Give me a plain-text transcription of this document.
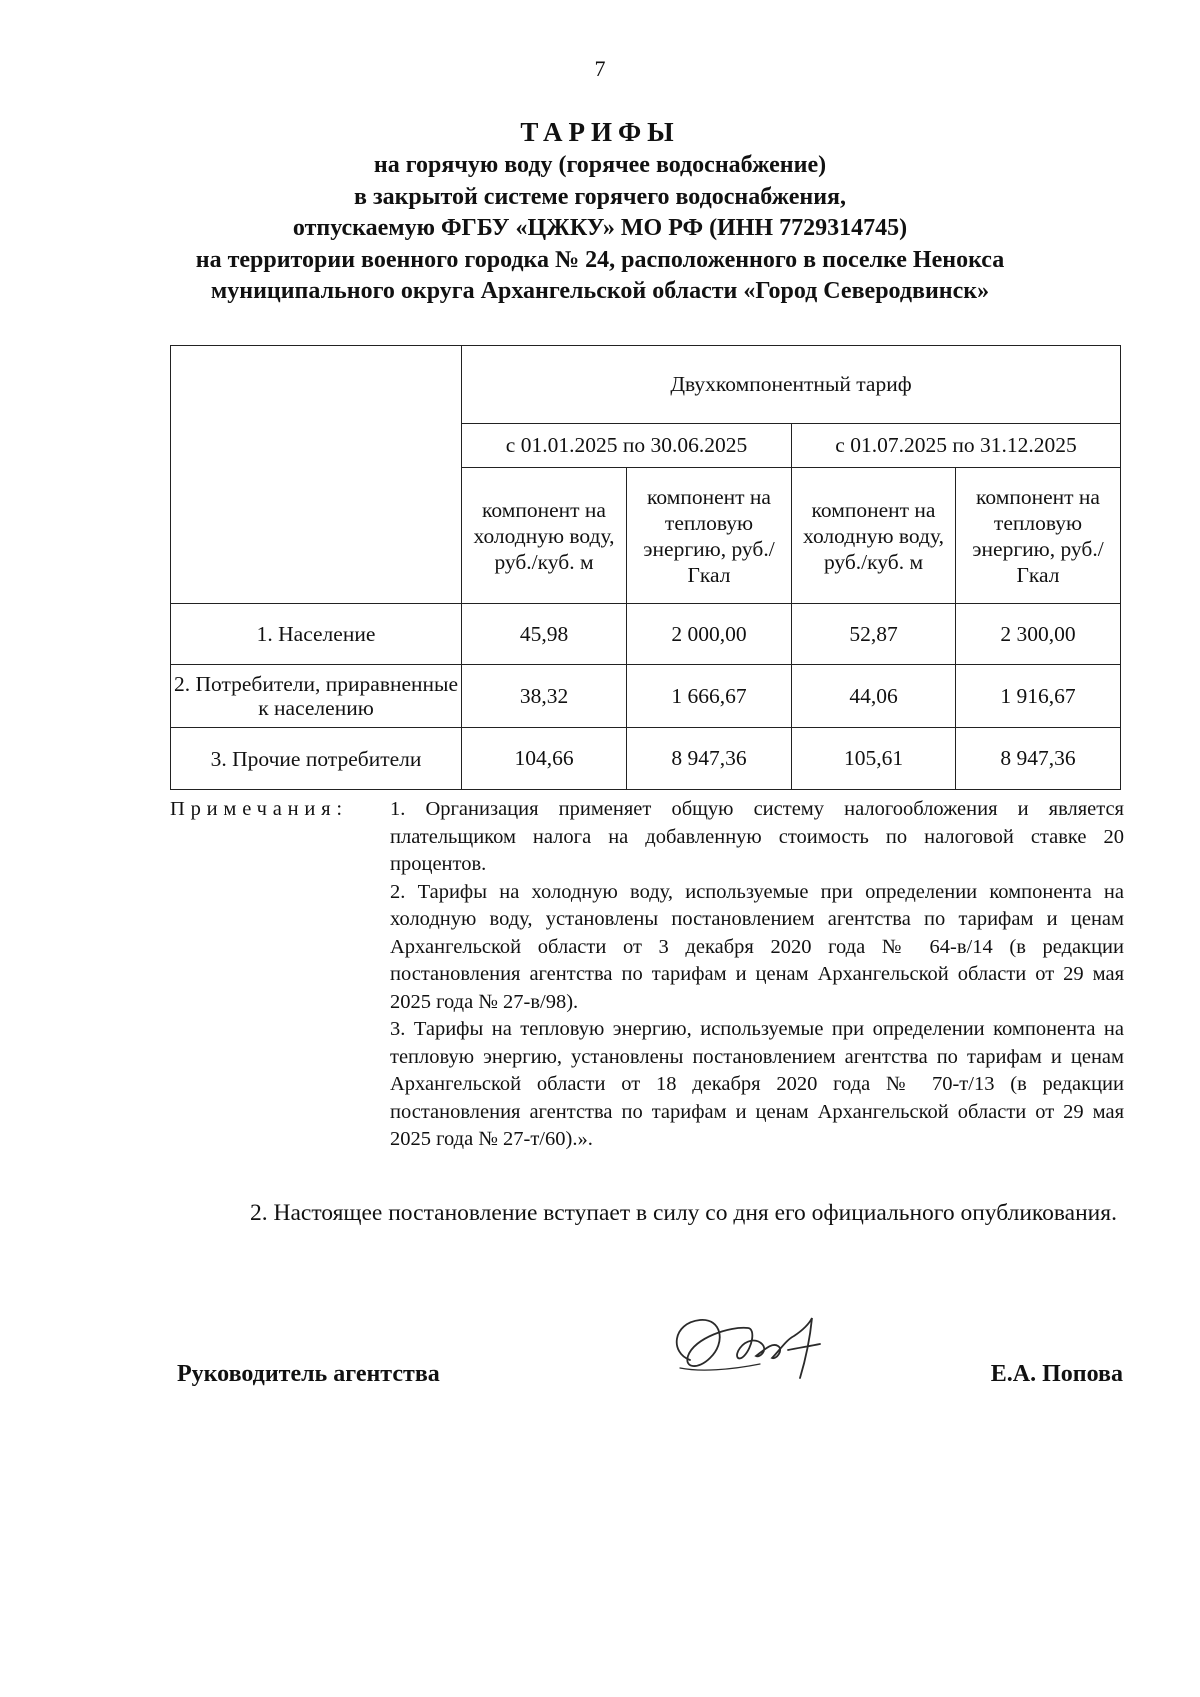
7
ТАРИФЫ
на горячую воду (горячее водоснабжение)
в закрытой системе горячего водоснабжения,
отпускаемую ФГБУ «ЦЖКУ» МО РФ (ИНН 7729314745)
на территории военного городка № 24, расположенного в поселке Ненокса
муниципального округа Архангельской области «Город Северодвинск»
	Двухкомпонентный тариф			
	с 01.01.2025 по 30.06.2025		с 01.07.2025 по 31.12.2025	
	компонент на холодную воду, руб./куб. м	компонент на тепловую энергию, руб./Гкал	компонент на холодную воду, руб./куб. м	компонент на тепловую энергию, руб./Гкал
1. Население	45,98	2 000,00	52,87	2 300,00
2. Потребители, приравненные к населению	38,32	1 666,67	44,06	1 916,67
3. Прочие потребители	104,66	8 947,36	105,61	8 947,36
Примечания: 1. Организация применяет общую систему налогообложения и является плательщиком налога на добавленную стоимость по налоговой ставке 20 процентов.

2. Тарифы на холодную воду, используемые при определении компонента на холодную воду, установлены постановлением агентства по тарифам и ценам Архангельской области от 3 декабря 2020 года № 64-в/14 (в редакции постановления агентства по тарифам и ценам Архангельской области от 29 мая 2025 года № 27-в/98).

3. Тарифы на тепловую энергию, используемые при определении компонента на тепловую энергию, установлены постановлением агентства по тарифам и ценам Архангельской области от 18 декабря 2020 года № 70-т/13 (в редакции постановления агентства по тарифам и ценам Архангельской области от 29 мая 2025 года № 27-т/60).».

2. Настоящее постановление вступает в силу со дня его официального опубликования.
Руководитель агентства	Е.А. Попова
